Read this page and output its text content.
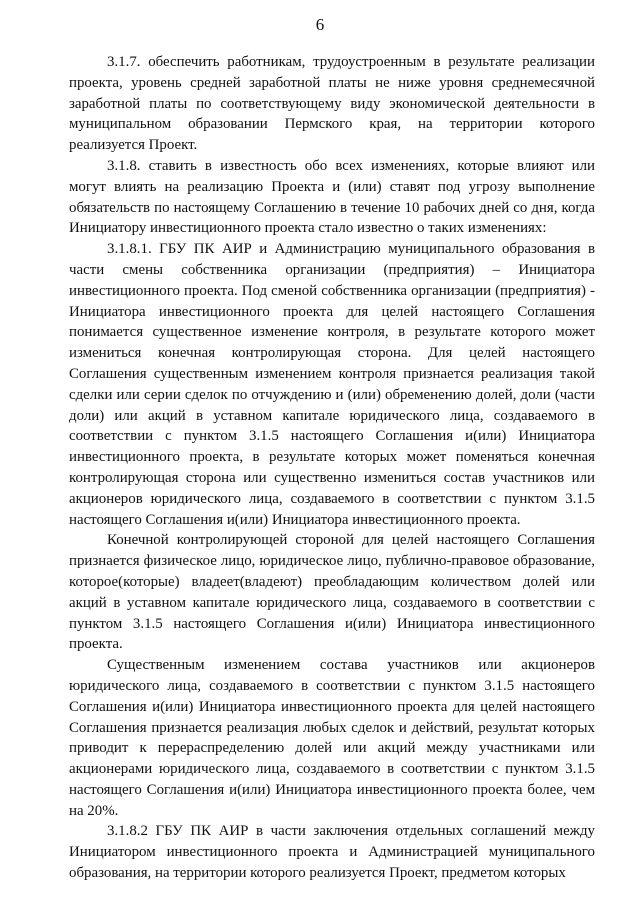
6

3.1.7. обеспечить работникам, трудоустроенным в результате реализации проекта, уровень средней заработной платы не ниже уровня среднемесячной заработной платы по соответствующему виду экономической деятельности в муниципальном образовании Пермского края, на территории которого реализуется Проект.

3.1.8. ставить в известность обо всех изменениях, которые влияют или могут влиять на реализацию Проекта и (или) ставят под угрозу выполнение обязательств по настоящему Соглашению в течение 10 рабочих дней со дня, когда Инициатору инвестиционного проекта стало известно о таких изменениях:

3.1.8.1. ГБУ ПК АИР и Администрацию муниципального образования в части смены собственника организации (предприятия) – Инициатора инвестиционного проекта. Под сменой собственника организации (предприятия) - Инициатора инвестиционного проекта для целей настоящего Соглашения понимается существенное изменение контроля, в результате которого может измениться конечная контролирующая сторона. Для целей настоящего Соглашения существенным изменением контроля признается реализация такой сделки или серии сделок по отчуждению и (или) обременению долей, доли (части доли) или акций в уставном капитале юридического лица, создаваемого в соответствии с пунктом 3.1.5 настоящего Соглашения и(или) Инициатора инвестиционного проекта, в результате которых может поменяться конечная контролирующая сторона или существенно измениться состав участников или акционеров юридического лица, создаваемого в соответствии с пунктом 3.1.5 настоящего Соглашения и(или) Инициатора инвестиционного проекта.

Конечной контролирующей стороной для целей настоящего Соглашения признается физическое лицо, юридическое лицо, публично-правовое образование, которое(которые) владеет(владеют) преобладающим количеством долей или акций в уставном капитале юридического лица, создаваемого в соответствии с пунктом 3.1.5 настоящего Соглашения и(или) Инициатора инвестиционного проекта.

Существенным изменением состава участников или акционеров юридического лица, создаваемого в соответствии с пунктом 3.1.5 настоящего Соглашения и(или) Инициатора инвестиционного проекта для целей настоящего Соглашения признается реализация любых сделок и действий, результат которых приводит к перераспределению долей или акций между участниками или акционерами юридического лица, создаваемого в соответствии с пунктом 3.1.5 настоящего Соглашения и(или) Инициатора инвестиционного проекта более, чем на 20%.

3.1.8.2 ГБУ ПК АИР в части заключения отдельных соглашений между Инициатором инвестиционного проекта и Администрацией муниципального образования, на территории которого реализуется Проект, предметом которых
